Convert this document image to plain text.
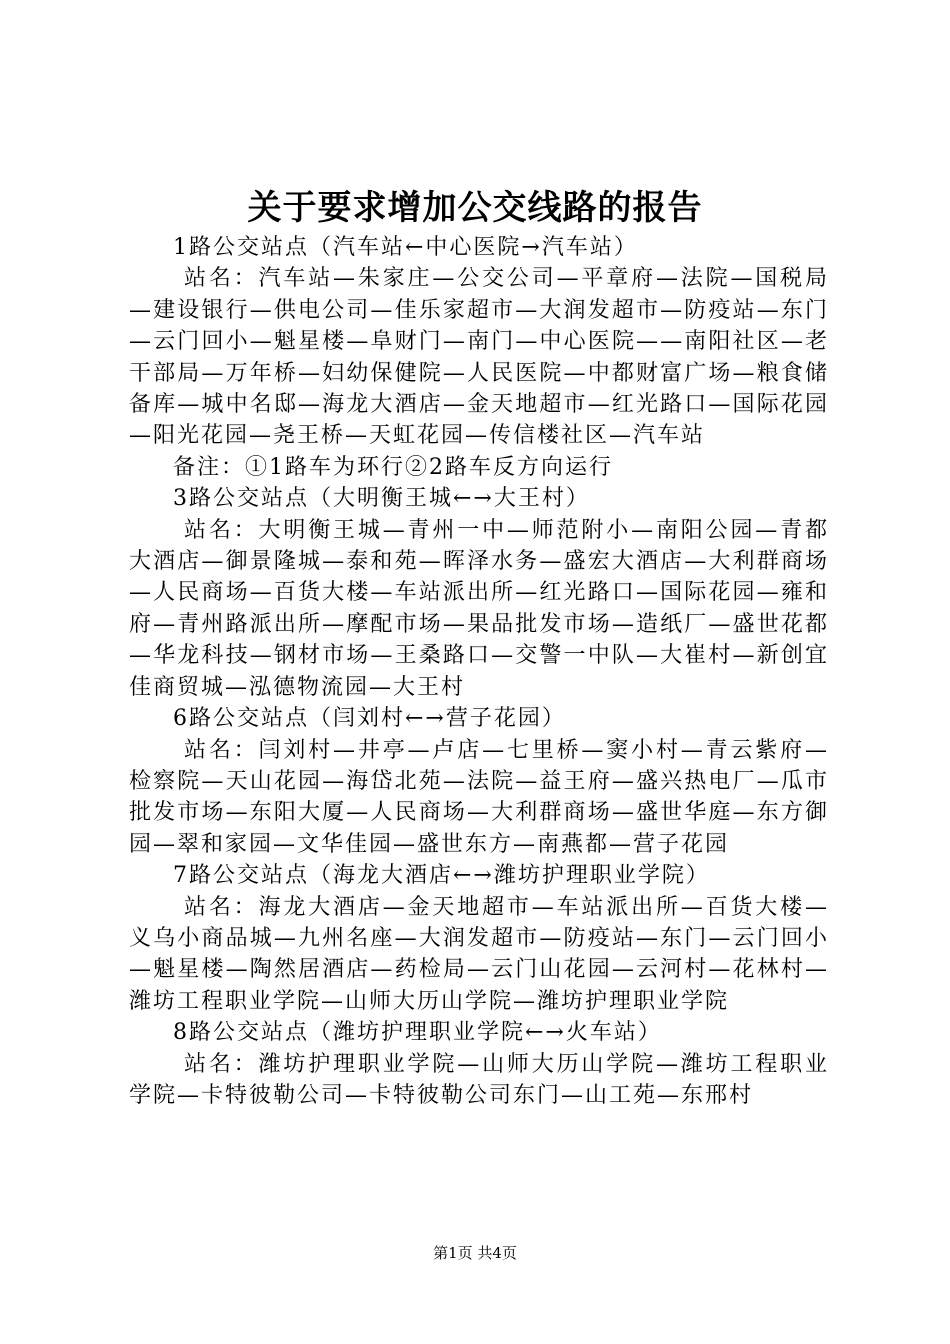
关于要求增加公交线路的报告

1路公交站点（汽车站←中心医院→汽车站）

站名：汽车站—朱家庄—公交公司—平章府—法院—国税局—建设银行—供电公司—佳乐家超市—大润发超市—防疫站—东门—云门回小—魁星楼—阜财门—南门—中心医院——南阳社区—老干部局—万年桥—妇幼保健院—人民医院—中都财富广场—粮食储备库—城中名邸—海龙大酒店—金天地超市—红光路口—国际花园—阳光花园—尧王桥—天虹花园—传信楼社区—汽车站

备注：①1路车为环行②2路车反方向运行

3路公交站点（大明衡王城←→大王村）

站名：大明衡王城—青州一中—师范附小—南阳公园—青都大酒店—御景隆城—泰和苑—晖泽水务—盛宏大酒店—大利群商场—人民商场—百货大楼—车站派出所—红光路口—国际花园—雍和府—青州路派出所—摩配市场—果品批发市场—造纸厂—盛世花都—华龙科技—钢材市场—王桑路口—交警一中队—大崔村—新创宜佳商贸城—泓德物流园—大王村

6路公交站点（闫刘村←→营子花园）

站名：闫刘村—井亭—卢店—七里桥—窦小村—青云紫府—检察院—天山花园—海岱北苑—法院—益王府—盛兴热电厂—瓜市批发市场—东阳大厦—人民商场—大利群商场—盛世华庭—东方御园—翠和家园—文华佳园—盛世东方—南燕都—营子花园

7路公交站点（海龙大酒店←→潍坊护理职业学院）

站名：海龙大酒店—金天地超市—车站派出所—百货大楼—义乌小商品城—九州名座—大润发超市—防疫站—东门—云门回小—魁星楼—陶然居酒店—药检局—云门山花园—云河村—花林村—潍坊工程职业学院—山师大历山学院—潍坊护理职业学院

8路公交站点（潍坊护理职业学院←→火车站）

站名：潍坊护理职业学院—山师大历山学院—潍坊工程职业学院—卡特彼勒公司—卡特彼勒公司东门—山工苑—东邢村

第1页 共4页
